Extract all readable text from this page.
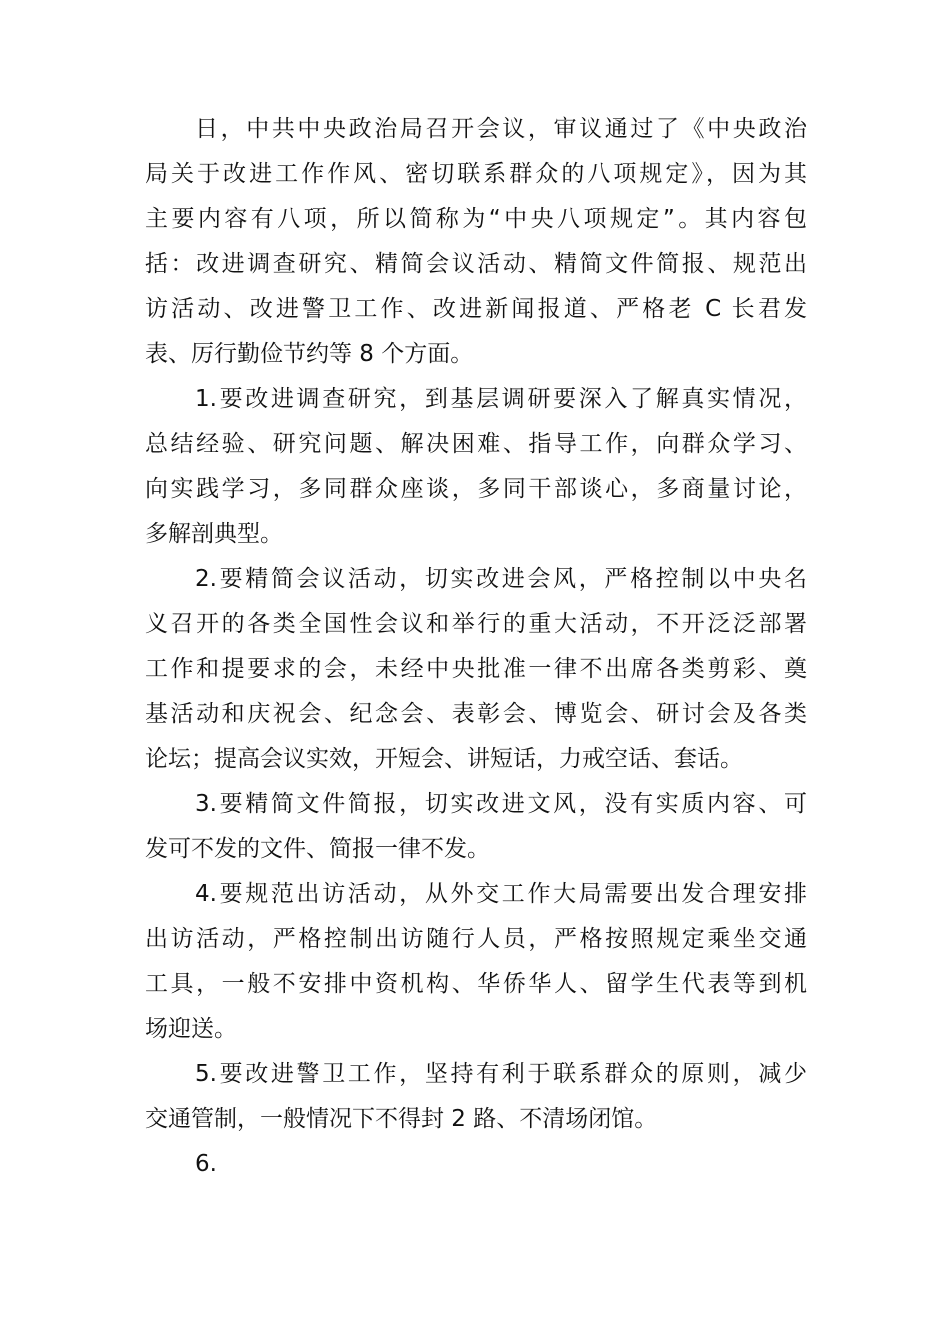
日，中共中央政治局召开会议，审议通过了《中央政治
局关于改进工作作风、密切联系群众的八项规定》，因为其
主要内容有八项，所以简称为“中央八项规定”。其内容包
括：改进调查研究、精简会议活动、精简文件简报、规范出
访活动、改进警卫工作、改进新闻报道、严格老 C 长君发
表、厉行勤俭节约等 8 个方面。
1.要改进调查研究，到基层调研要深入了解真实情况，
总结经验、研究问题、解决困难、指导工作，向群众学习、
向实践学习，多同群众座谈，多同干部谈心，多商量讨论，
多解剖典型。
2.要精简会议活动，切实改进会风，严格控制以中央名
义召开的各类全国性会议和举行的重大活动，不开泛泛部署
工作和提要求的会，未经中央批准一律不出席各类剪彩、奠
基活动和庆祝会、纪念会、表彰会、博览会、研讨会及各类
论坛；提高会议实效，开短会、讲短话，力戒空话、套话。
3.要精简文件简报，切实改进文风，没有实质内容、可
发可不发的文件、简报一律不发。
4.要规范出访活动，从外交工作大局需要出发合理安排
出访活动，严格控制出访随行人员，严格按照规定乘坐交通
工具，一般不安排中资机构、华侨华人、留学生代表等到机
场迎送。
5.要改进警卫工作，坚持有利于联系群众的原则，减少
交通管制，一般情况下不得封 2 路、不清场闭馆。
6.
